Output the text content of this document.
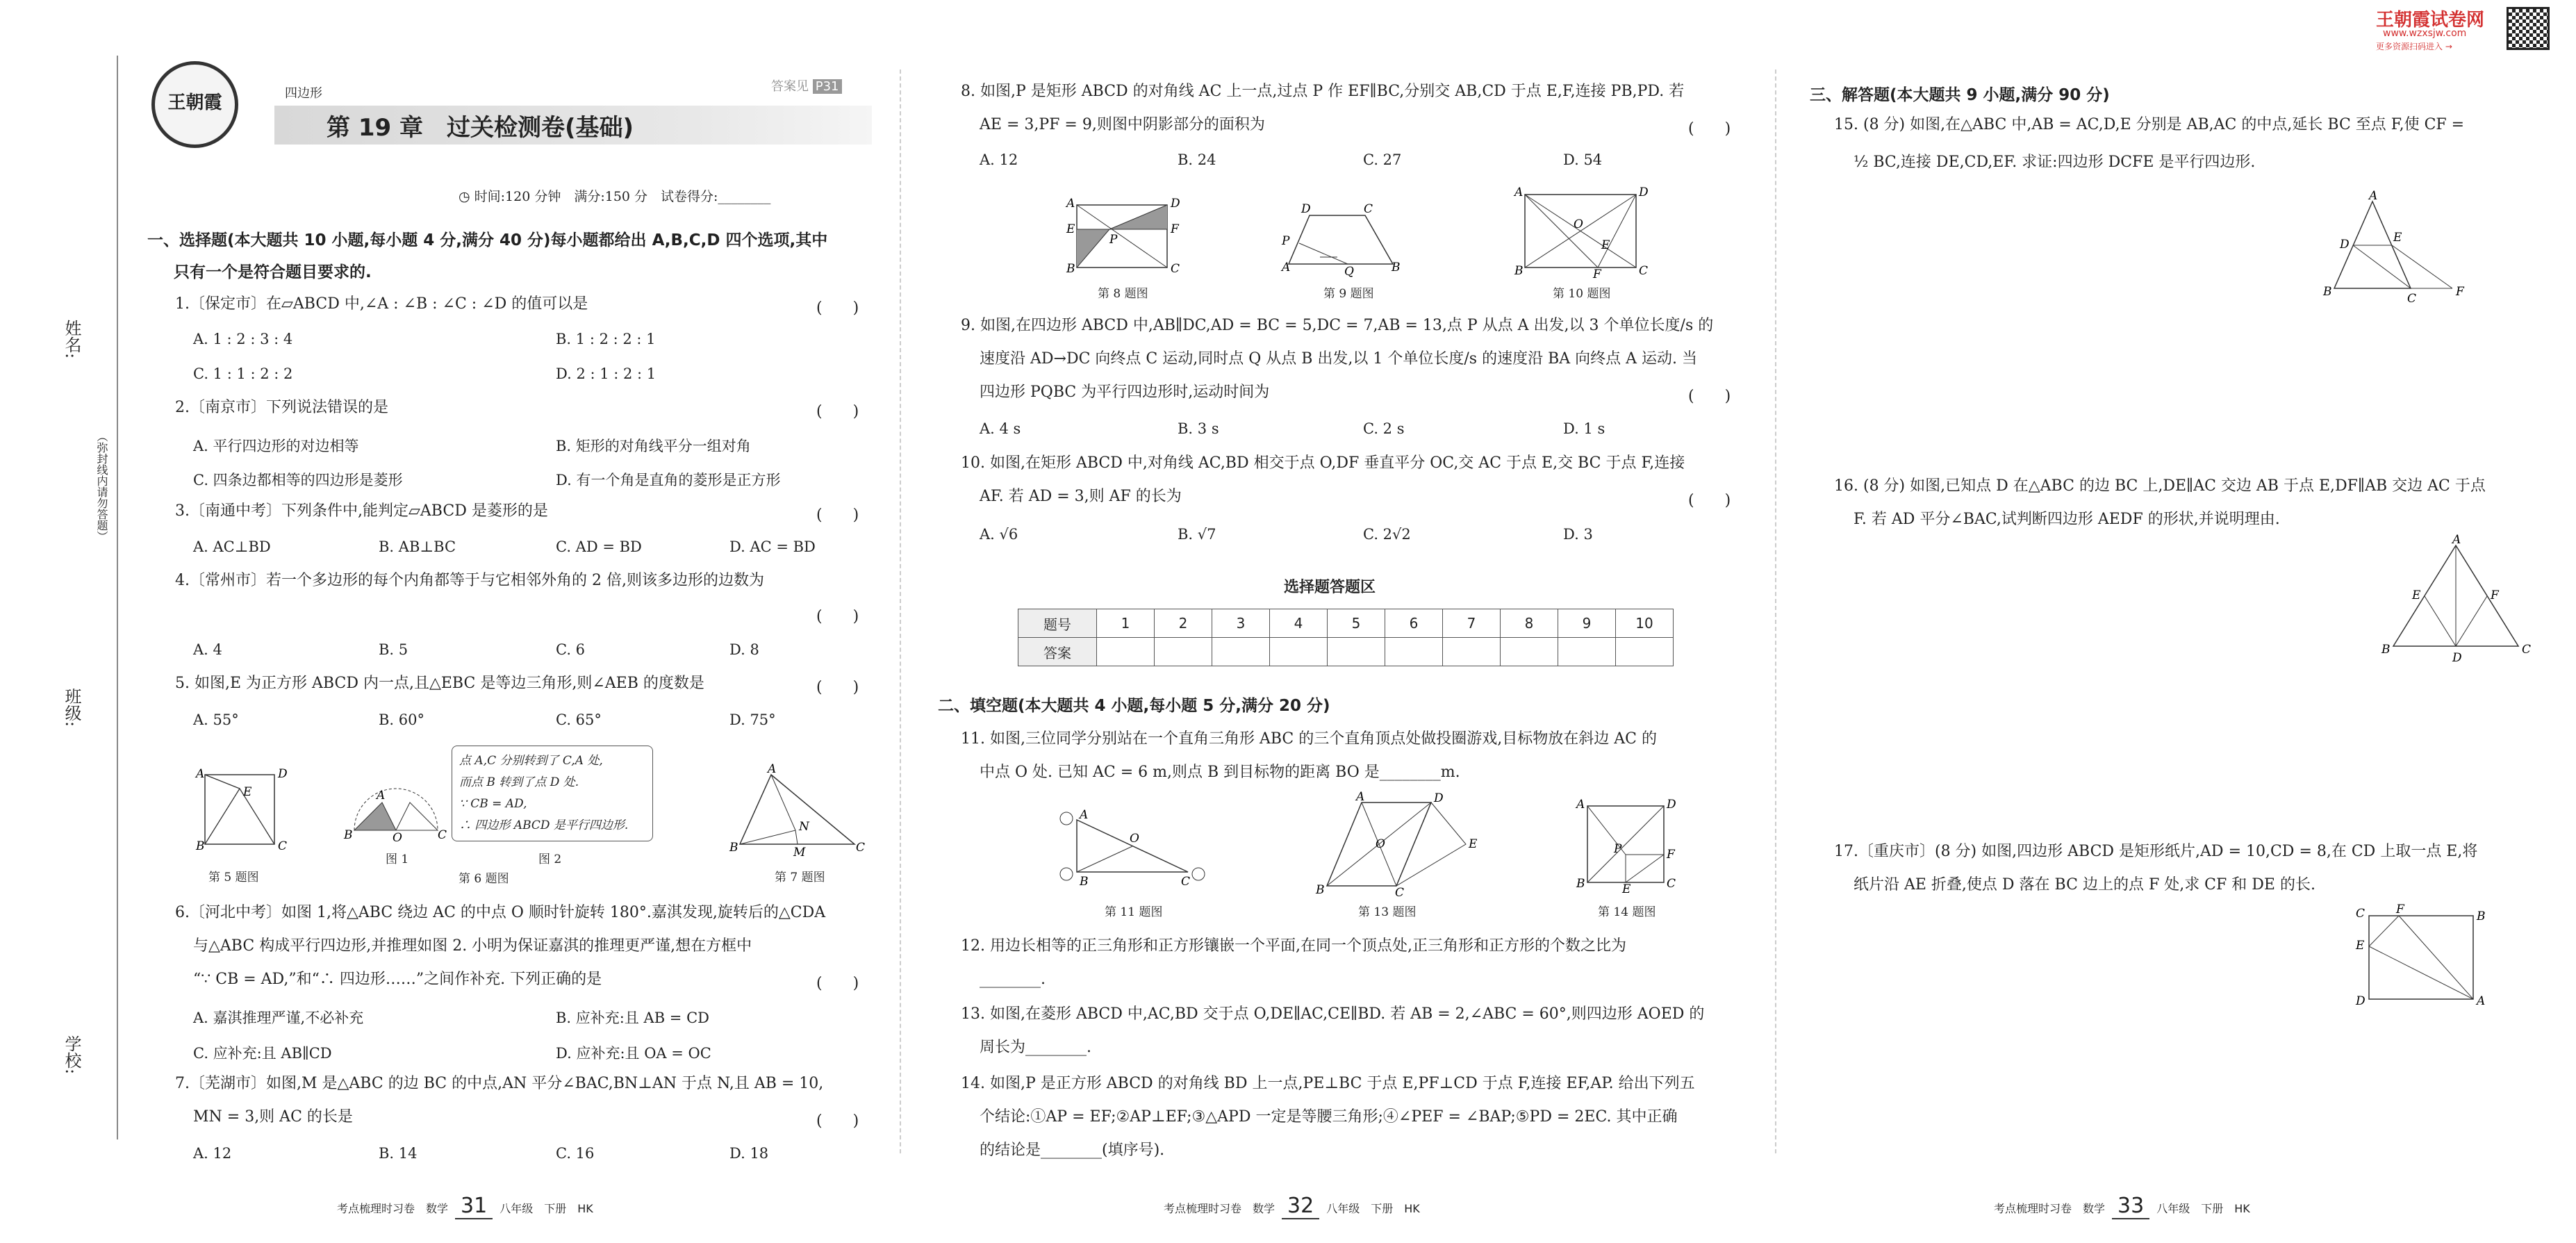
姓名:
班级:
学校:
（弥封线内请勿答题）
王朝霞	四边形	答案见 P31
第 19 章　过关检测卷(基础)
◷ 时间:120 分钟　满分:150 分　试卷得分:________
一、选择题(本大题共 10 小题,每小题 4 分,满分 40 分)每小题都给出 A,B,C,D 四个选项,其中
只有一个是符合题目要求的.
1.〔保定市〕在▱ABCD 中,∠A : ∠B : ∠C : ∠D 的值可以是	(　　)
A. 1 : 2 : 3 : 4	B. 1 : 2 : 2 : 1
C. 1 : 1 : 2 : 2	D. 2 : 1 : 2 : 1
2.〔南京市〕下列说法错误的是	(　　)
A. 平行四边形的对边相等	B. 矩形的对角线平分一组对角
C. 四条边都相等的四边形是菱形	D. 有一个角是直角的菱形是正方形
3.〔南通中考〕下列条件中,能判定▱ABCD 是菱形的是	(　　)
A. AC⊥BD	B. AB⊥BC	C. AD = BD	D. AC = BD
4.〔常州市〕若一个多边形的每个内角都等于与它相邻外角的 2 倍,则该多边形的边数为
(　　)
A. 4	B. 5	C. 6	D. 8
5. 如图,E 为正方形 ABCD 内一点,且△EBC 是等边三角形,则∠AEB 的度数是	(　　)
A. 55°	B. 60°	C. 65°	D. 75°
A	D
B	C
E
第 5 题图
B
A
O	C
图 1
点 A,C 分别转到了 C,A 处,
而点 B 转到了点 D 处.
∵ CB = AD,
∴ 四边形 ABCD 是平行四边形.
图 2
第 6 题图
A
B	C
N
M
第 7 题图
6.〔河北中考〕如图 1,将△ABC 绕边 AC 的中点 O 顺时针旋转 180°.嘉淇发现,旋转后的△CDA
与△ABC 构成平行四边形,并推理如图 2. 小明为保证嘉淇的推理更严谨,想在方框中
“∵ CB = AD,”和“∴ 四边形……”之间作补充. 下列正确的是	(　　)
A. 嘉淇推理严谨,不必补充	B. 应补充:且 AB = CD
C. 应补充:且 AB∥CD	D. 应补充:且 OA = OC
7.〔芜湖市〕如图,M 是△ABC 的边 BC 的中点,AN 平分∠BAC,BN⊥AN 于点 N,且 AB = 10,
MN = 3,则 AC 的长是	(　　)
A. 12	B. 14	C. 16	D. 18
考点梳理时习卷　数学 31 八年级　下册　HK
8. 如图,P 是矩形 ABCD 的对角线 AC 上一点,过点 P 作 EF∥BC,分别交 AB,CD 于点 E,F,连接 PB,PD. 若
AE = 3,PF = 9,则图中阴影部分的面积为	(　　)
A. 12	B. 24	C. 27	D. 54
A	D
E	F
B	C
P
第 8 题图
D	C
P
A	B
Q
第 9 题图
A	D
O
E
B	F	C
第 10 题图
9. 如图,在四边形 ABCD 中,AB∥DC,AD = BC = 5,DC = 7,AB = 13,点 P 从点 A 出发,以 3 个单位长度/s 的
速度沿 AD→DC 向终点 C 运动,同时点 Q 从点 B 出发,以 1 个单位长度/s 的速度沿 BA 向终点 A 运动. 当
四边形 PQBC 为平行四边形时,运动时间为	(　　)
A. 4 s	B. 3 s	C. 2 s	D. 1 s
10. 如图,在矩形 ABCD 中,对角线 AC,BD 相交于点 O,DF 垂直平分 OC,交 AC 于点 E,交 BC 于点 F,连接
AF. 若 AD = 3,则 AF 的长为	(　　)
A. √6	B. √7	C. 2√2	D. 3
选择题答题区
题号	1	2	3	4	5	6	7	8	9	10
答案										
二、填空题(本大题共 4 小题,每小题 5 分,满分 20 分)
11. 如图,三位同学分别站在一个直角三角形 ABC 的三个直角顶点处做投圈游戏,目标物放在斜边 AC 的
中点 O 处. 已知 AC = 6 m,则点 B 到目标物的距离 BO 是________m.
A
O
B	C
第 11 题图
A
B	C
D
O	E
第 13 题图
A	D
P	F
B	E	C
第 14 题图
12. 用边长相等的正三角形和正方形镶嵌一个平面,在同一个顶点处,正三角形和正方形的个数之比为
________.
13. 如图,在菱形 ABCD 中,AC,BD 交于点 O,DE∥AC,CE∥BD. 若 AB = 2,∠ABC = 60°,则四边形 AOED 的
周长为________.
14. 如图,P 是正方形 ABCD 的对角线 BD 上一点,PE⊥BC 于点 E,PF⊥CD 于点 F,连接 EF,AP. 给出下列五
个结论:①AP = EF;②AP⊥EF;③△APD 一定是等腰三角形;④∠PEF = ∠BAP;⑤PD = 2EC. 其中正确
的结论是________(填序号).
考点梳理时习卷　数学 32 八年级　下册　HK
王朝霞试卷网
www.wzxsjw.com
更多资源扫码进入 →
三、解答题(本大题共 9 小题,满分 90 分)
15. (8 分) 如图,在△ABC 中,AB = AC,D,E 分别是 AB,AC 的中点,延长 BC 至点 F,使 CF =
½ BC,连接 DE,CD,EF. 求证:四边形 DCFE 是平行四边形.
A
D	E
B	C	F
16. (8 分) 如图,已知点 D 在△ABC 的边 BC 上,DE∥AC 交边 AB 于点 E,DF∥AB 交边 AC 于点
F. 若 AD 平分∠BAC,试判断四边形 AEDF 的形状,并说明理由.
A
E	F
B
D
C
17.〔重庆市〕(8 分) 如图,四边形 ABCD 是矩形纸片,AD = 10,CD = 8,在 CD 上取一点 E,将
纸片沿 AE 折叠,使点 D 落在 BC 边上的点 F 处,求 CF 和 DE 的长.
C	F	B
E
D	A
考点梳理时习卷　数学 33 八年级　下册　HK
